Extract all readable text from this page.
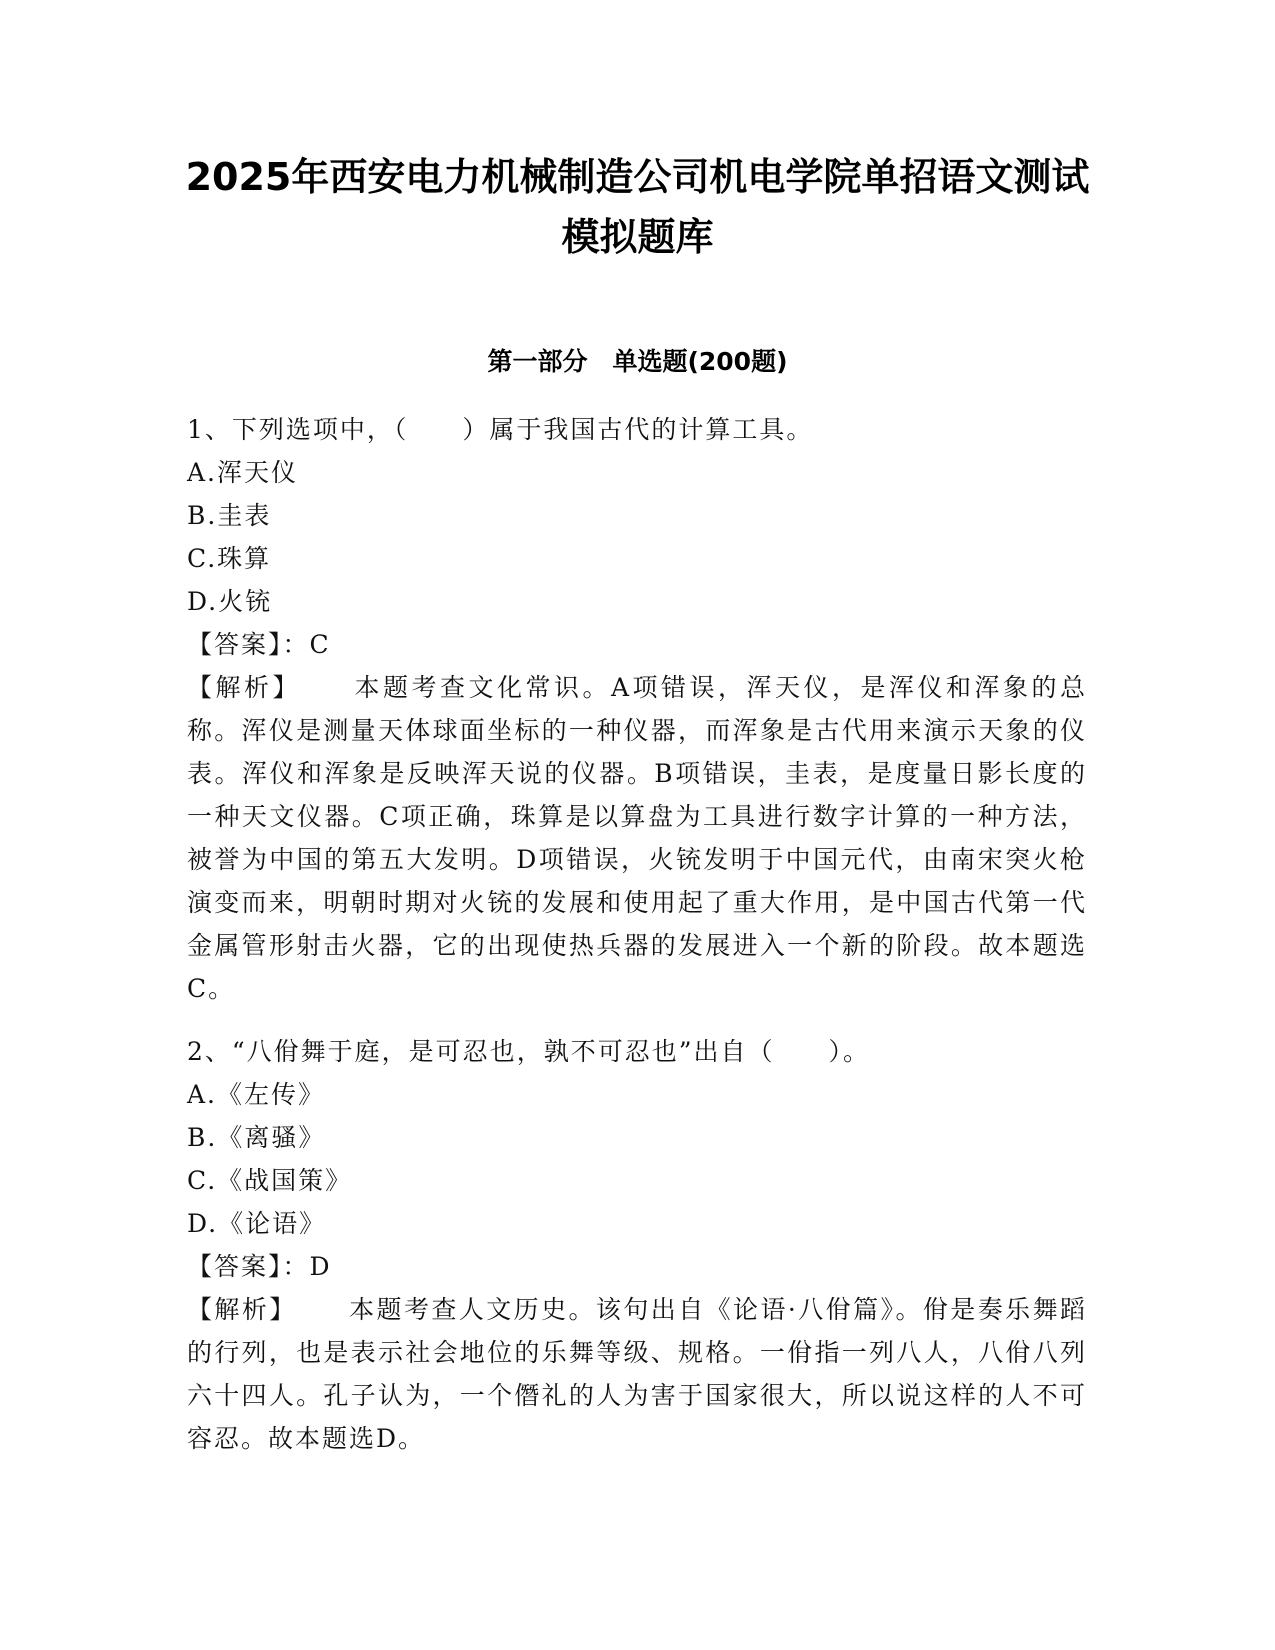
2025年西安电力机械制造公司机电学院单招语文测试
模拟题库
第一部分　单选题(200题)

1、下列选项中，（　　）属于我国古代的计算工具。

A.浑天仪

B.圭表

C.珠算

D.火铳

【答案】：C

【解析】 本题考查文化常识。A项错误，浑天仪，是浑仪和浑象的总称。浑仪是测量天体球面坐标的一种仪器，而浑象是古代用来演示天象的仪表。浑仪和浑象是反映浑天说的仪器。B项错误，圭表，是度量日影长度的一种天文仪器。C项正确，珠算是以算盘为工具进行数字计算的一种方法，被誉为中国的第五大发明。D项错误，火铳发明于中国元代，由南宋突火枪演变而来，明朝时期对火铳的发展和使用起了重大作用，是中国古代第一代金属管形射击火器，它的出现使热兵器的发展进入一个新的阶段。故本题选C。

2、“八佾舞于庭，是可忍也，孰不可忍也”出自（　　）。

A.《左传》

B.《离骚》

C.《战国策》

D.《论语》

【答案】：D

【解析】 本题考查人文历史。该句出自《论语·八佾篇》。佾是奏乐舞蹈的行列，也是表示社会地位的乐舞等级、规格。一佾指一列八人，八佾八列六十四人。孔子认为，一个僭礼的人为害于国家很大，所以说这样的人不可容忍。故本题选D。
